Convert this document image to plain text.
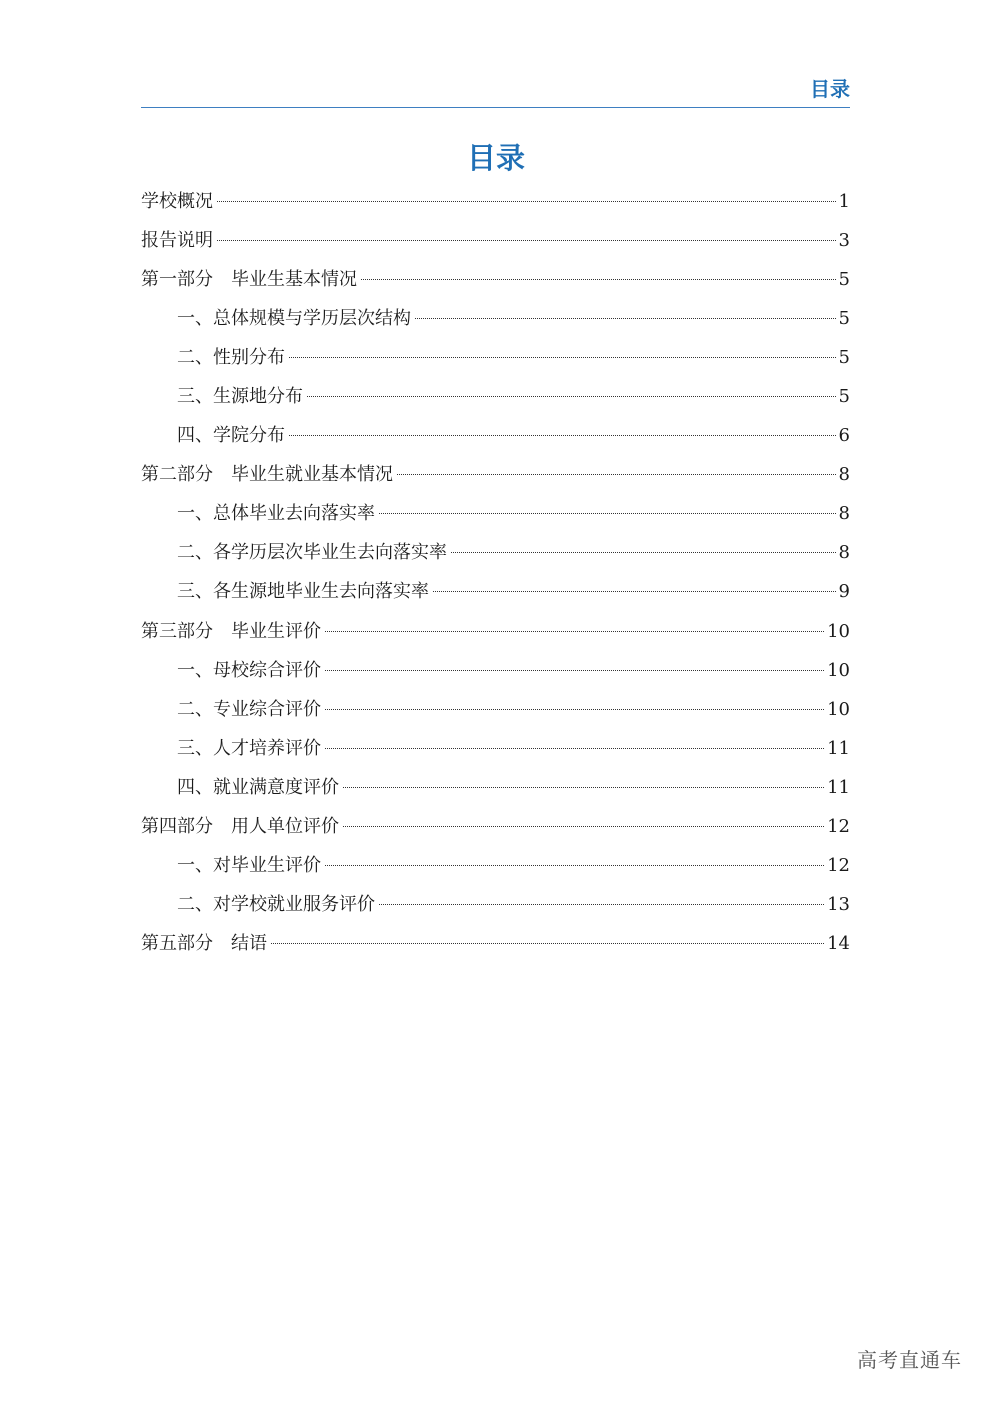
目录
目录
学校概况	1
报告说明	3
第一部分　毕业生基本情况	5
一、总体规模与学历层次结构	5
二、性别分布	5
三、生源地分布	5
四、学院分布	6
第二部分　毕业生就业基本情况	8
一、总体毕业去向落实率	8
二、各学历层次毕业生去向落实率	8
三、各生源地毕业生去向落实率	9
第三部分　毕业生评价	10
一、母校综合评价	10
二、专业综合评价	10
三、人才培养评价	11
四、就业满意度评价	11
第四部分　用人单位评价	12
一、对毕业生评价	12
二、对学校就业服务评价	13
第五部分　结语	14
高考直通车
